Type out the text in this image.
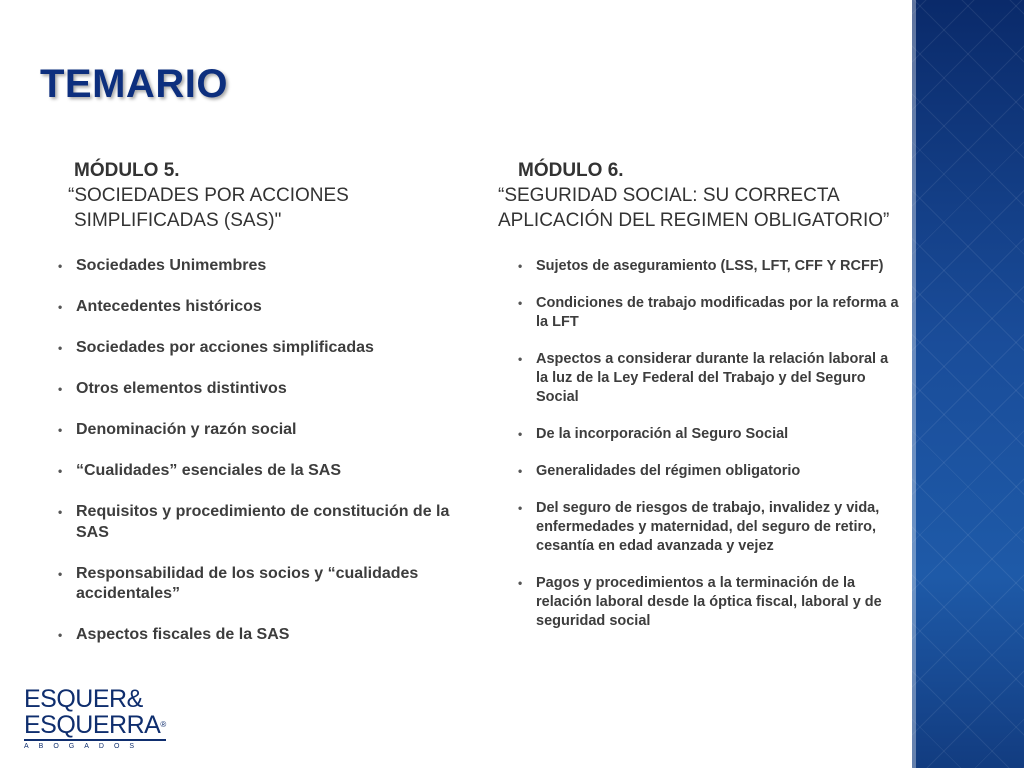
TEMARIO
MÓDULO 5.
“SOCIEDADES POR ACCIONES
SIMPLIFICADAS (SAS)"
MÓDULO 6.
“SEGURIDAD SOCIAL: SU CORRECTA
APLICACIÓN DEL REGIMEN OBLIGATORIO”
• Sociedades Unimembres
• Antecedentes históricos
• Sociedades por acciones simplificadas
• Otros elementos distintivos
• Denominación y razón social
• “Cualidades” esenciales de la SAS
• Requisitos y procedimiento de constitución de la SAS
• Responsabilidad de los socios y “cualidades accidentales”
• Aspectos fiscales de la SAS
• Sujetos de aseguramiento (LSS, LFT, CFF Y RCFF)
• Condiciones de trabajo modificadas por la reforma a la LFT
• Aspectos a considerar durante la relación laboral a la luz de la Ley Federal del Trabajo y del Seguro Social
• De la incorporación al Seguro Social
• Generalidades del régimen obligatorio
• Del seguro de riesgos de trabajo, invalidez y vida, enfermedades y maternidad, del seguro de retiro, cesantía en edad avanzada y vejez
• Pagos y procedimientos a la terminación de la relación laboral desde la óptica fiscal, laboral y de seguridad social
ESQUER&
ESQUERRA®
ABOGADOS
